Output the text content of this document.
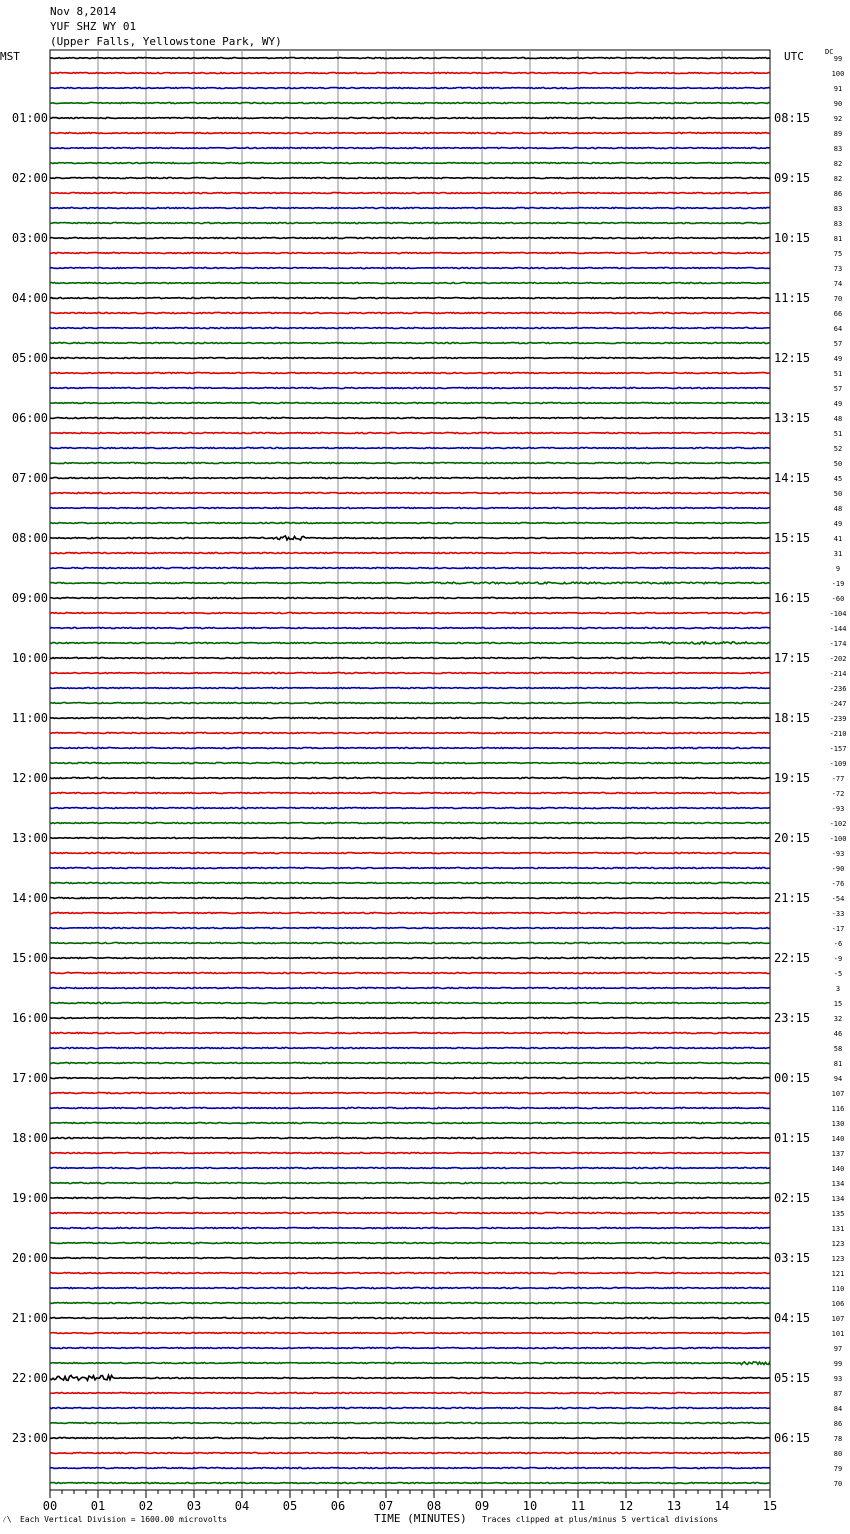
Nov 8,2014
YUF SHZ WY 01
(Upper Falls, Yellowstone Park, WY)
MST	UTC	DC
00	01	02	03	04	05	06	07	08	09	10	11	12	13	14	15
99
100
91
90
92
89
83
82
82
86
83
83
81
75
73
74
70
66
64
57
49
51
57
49
48
51
52
50
45
50
48
49
41
31
9
-19
-60
-104
-144
-174
-202
-214
-236
-247
-239
-210
-157
-109
-77
-72
-93
-102
-100
-93
-90
-76
-54
-33
-17
-6
-9
-5
3
15
32
46
58
81
94
107
116
130
140
137
140
134
134
135
131
123
123
121
110
106
107
101
97
99
93
87
84
86
78
80
79
70
01:00	08:15
02:00	09:15
03:00	10:15
04:00	11:15
05:00	12:15
06:00	13:15
07:00	14:15
08:00	15:15
09:00	16:15
10:00	17:15
11:00	18:15
12:00	19:15
13:00	20:15
14:00	21:15
15:00	22:15
16:00	23:15
17:00	00:15
18:00	01:15
19:00	02:15
20:00	03:15
21:00	04:15
22:00	05:15
23:00	06:15
⁄\ Each Vertical Division = 1600.00 microvolts	TIME (MINUTES) Traces clipped at plus/minus 5 vertical divisions
